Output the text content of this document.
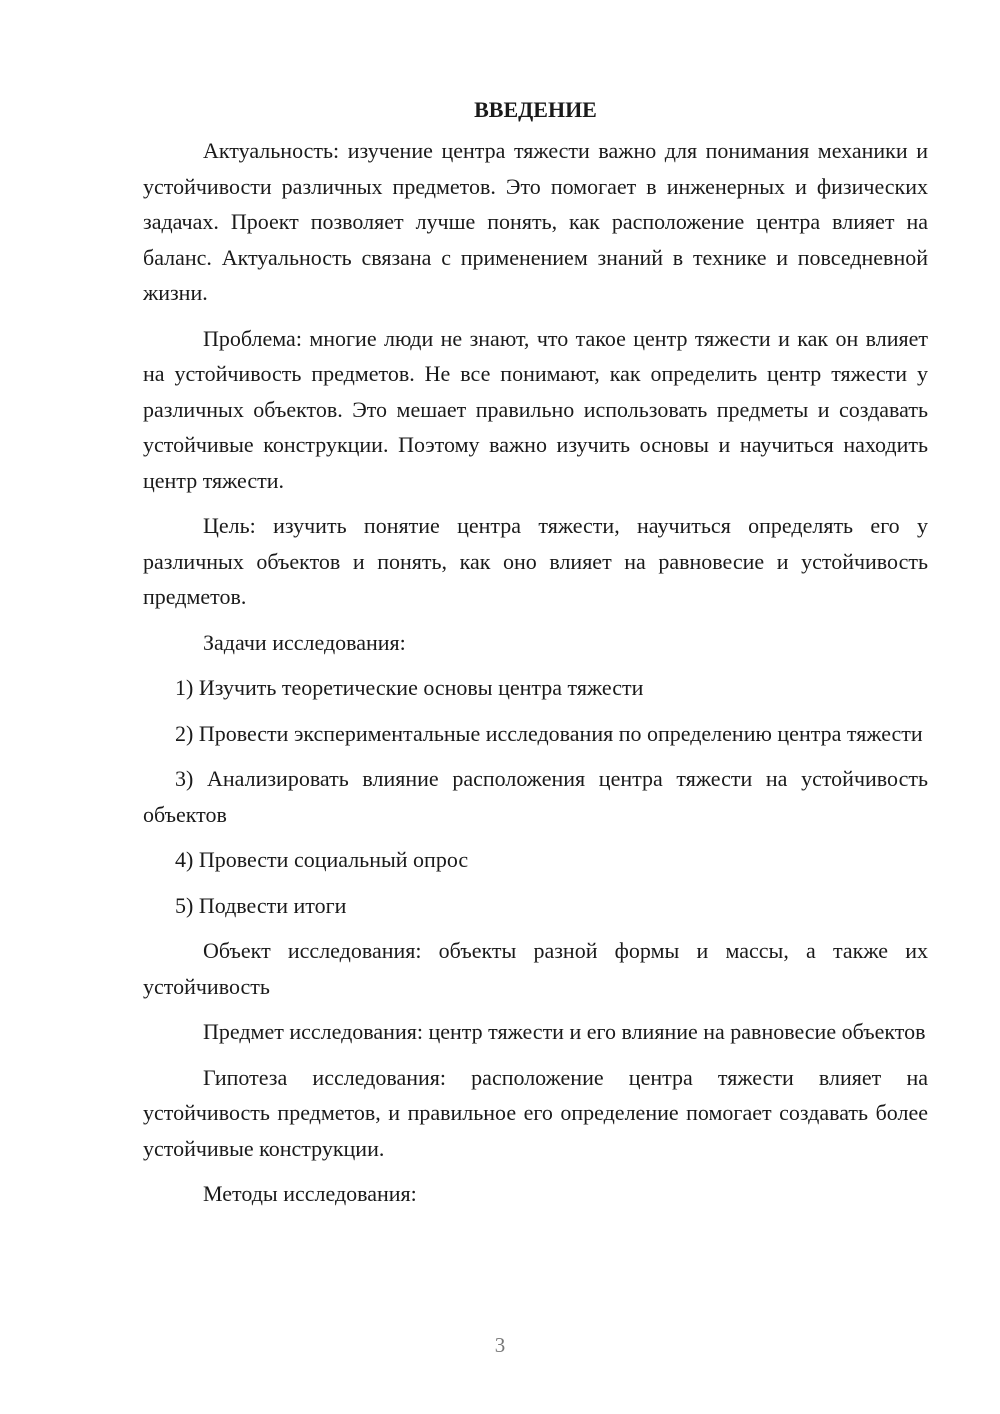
ВВЕДЕНИЕ

Актуальность: изучение центра тяжести важно для понимания механики и устойчивости различных предметов. Это помогает в инженерных и физических задачах. Проект позволяет лучше понять, как расположение центра влияет на баланс. Актуальность связана с применением знаний в технике и повседневной жизни.

Проблема: многие люди не знают, что такое центр тяжести и как он влияет на устойчивость предметов. Не все понимают, как определить центр тяжести у различных объектов. Это мешает правильно использовать предметы и создавать устойчивые конструкции. Поэтому важно изучить основы и научиться находить центр тяжести.

Цель: изучить понятие центра тяжести, научиться определять его у различных объектов и понять, как оно влияет на равновесие и устойчивость предметов.

Задачи исследования:

1) Изучить теоретические основы центра тяжести

2) Провести экспериментальные исследования по определению центра тяжести

3) Анализировать влияние расположения центра тяжести на устойчивость объектов

4) Провести социальный опрос

5) Подвести итоги

Объект исследования: объекты разной формы и массы, а также их устойчивость

Предмет исследования: центр тяжести и его влияние на равновесие объектов

Гипотеза исследования: расположение центра тяжести влияет на устойчивость предметов, и правильное его определение помогает создавать более устойчивые конструкции.

Методы исследования:

3
